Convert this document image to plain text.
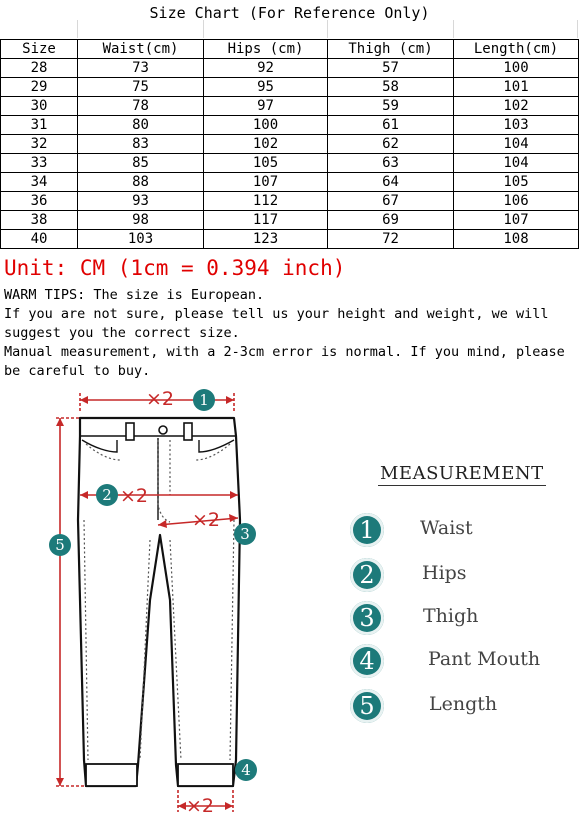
Size Chart (For Reference Only)
Size	Waist(cm)	Hips (cm)	Thigh (cm)	Length(cm)
28	73	92	57	100
29	75	95	58	101
30	78	97	59	102
31	80	100	61	103
32	83	102	62	104
33	85	105	63	104
34	88	107	64	105
36	93	112	67	106
38	98	117	69	107
40	103	123	72	108
Unit: CM (1cm = 0.394 inch)

WARM TIPS: The size is European.

If you are not sure, please tell us your height and weight, we will suggest you the correct size.

Manual measurement, with a 2-3cm error is normal. If you mind, please be careful to buy.

×2
×2
×2
×2
1
2
3
4
5
MEASUREMENT
1	Waist
2	Hips
3	Thigh
4	Pant Mouth
5	Length
